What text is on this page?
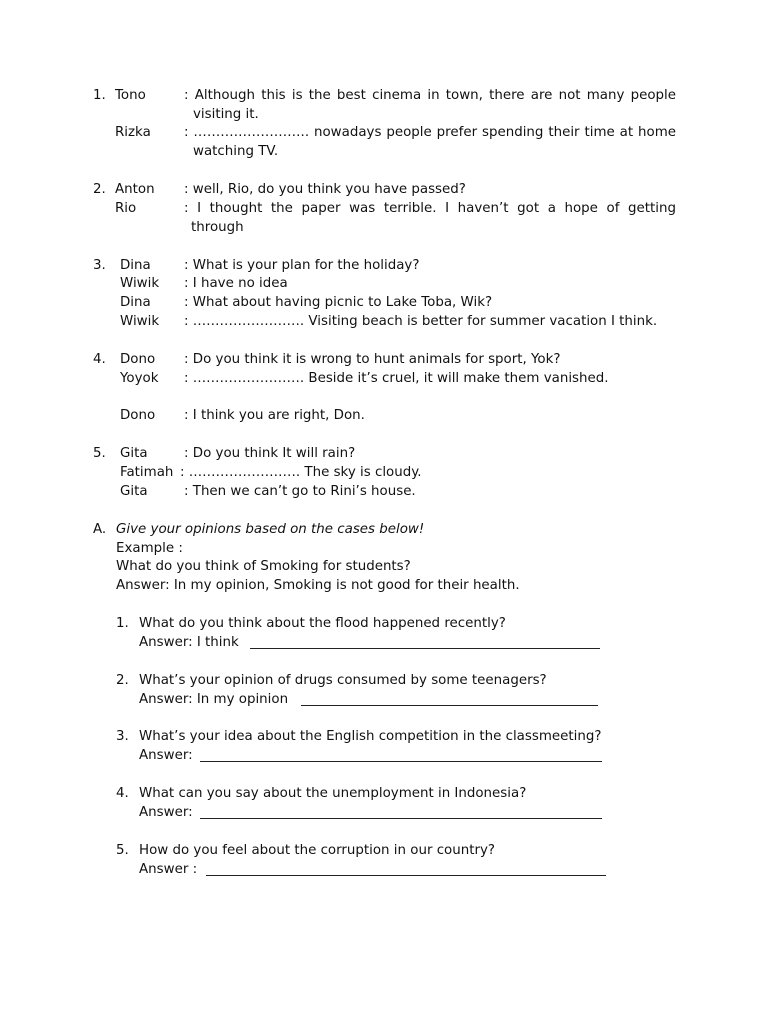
1. Tono	: Although this is the best cinema in town, there are not many people
visiting it.
Rizka : …………………….. nowadays people prefer spending their time at home
watching TV.
2. Anton : well, Rio, do you think you have passed?
Rio	: I thought the paper was terrible. I haven’t got a hope of getting
through
3. Dina : What is your plan for the holiday?
Wiwik : I have no idea
Dina : What about having picnic to Lake Toba, Wik?
Wiwik : ……………………. Visiting beach is better for summer vacation I think.
4. Dono : Do you think it is wrong to hunt animals for sport, Yok?
Yoyok : ……………………. Beside it’s cruel, it will make them vanished.
Dono : I think you are right, Don.
5. Gita	: Do you think It will rain?
Fatimah : ……………………. The sky is cloudy.
Gita	: Then we can’t go to Rini’s house.
A. Give your opinions based on the cases below!
Example :
What do you think of Smoking for students?
Answer: In my opinion, Smoking is not good for their health.
1. What do you think about the flood happened recently?
Answer: I think
2. What’s your opinion of drugs consumed by some teenagers?
Answer: In my opinion
3. What’s your idea about the English competition in the classmeeting?
Answer:
4. What can you say about the unemployment in Indonesia?
Answer:
5. How do you feel about the corruption in our country?
Answer :
